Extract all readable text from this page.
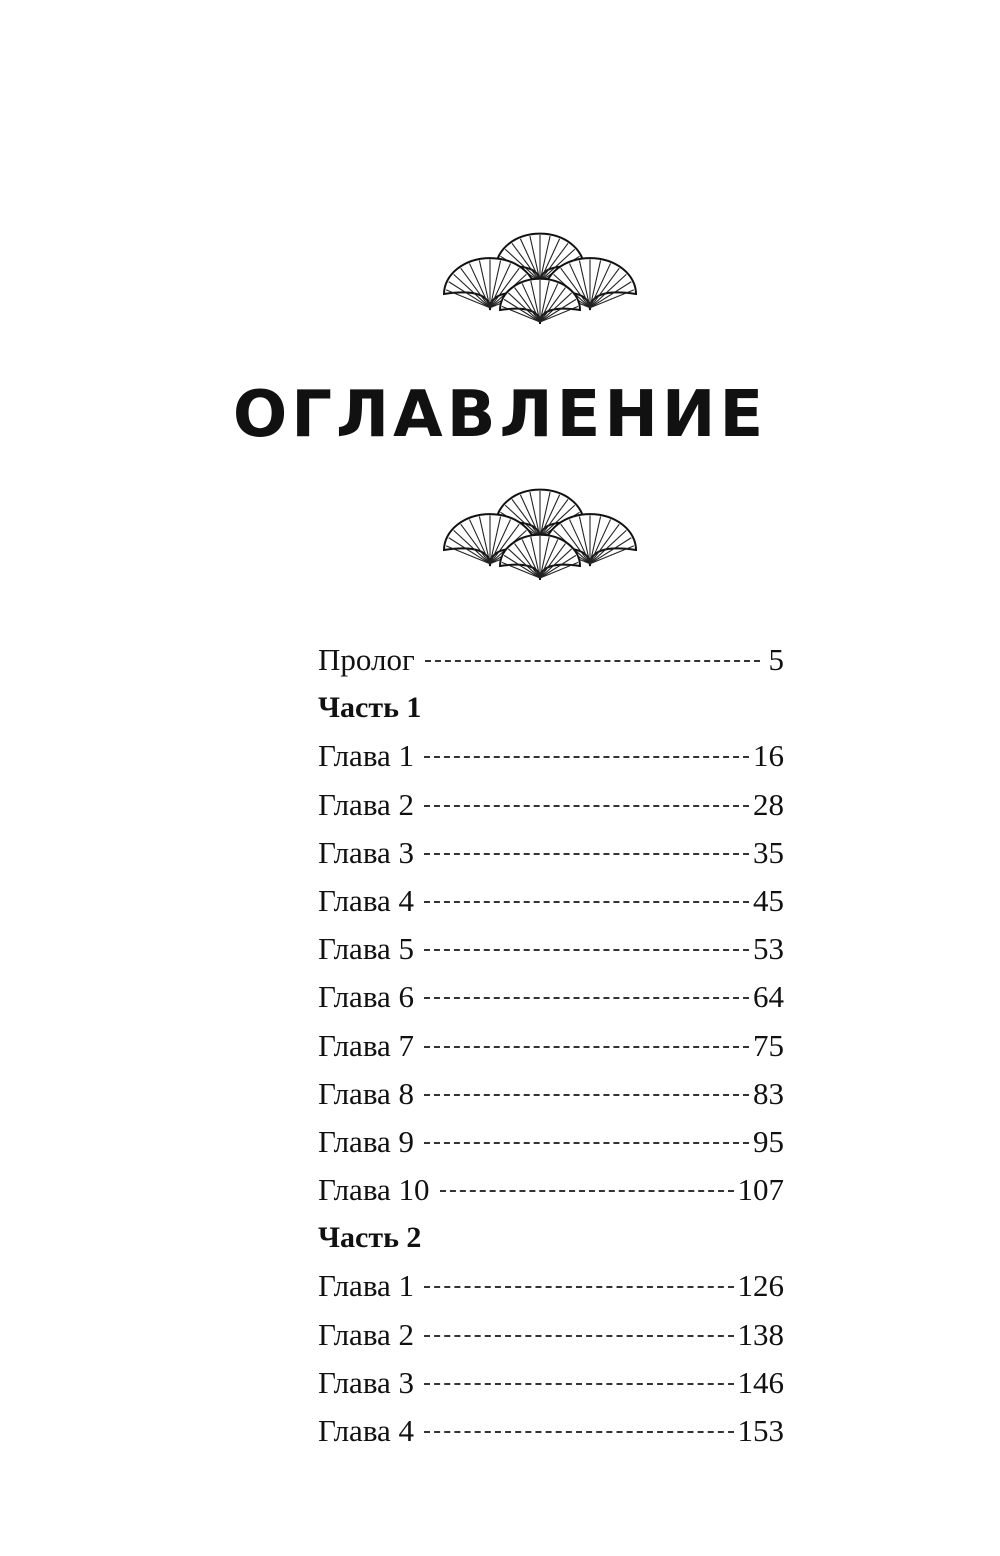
ОГЛАВЛЕНИЕ
Пролог	5
Часть 1
Глава 1	16
Глава 2	28
Глава 3	35
Глава 4	45
Глава 5	53
Глава 6	64
Глава 7	75
Глава 8	83
Глава 9	95
Глава 10	107
Часть 2
Глава 1	126
Глава 2	138
Глава 3	146
Глава 4	153
